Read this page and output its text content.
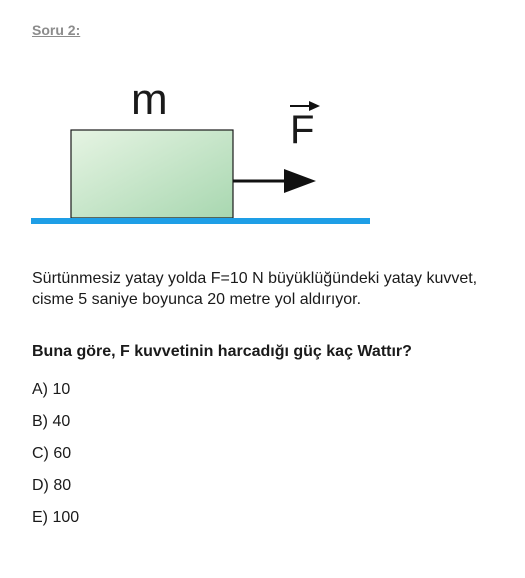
Soru 2:
m
F
Sürtünmesiz yatay yolda F=10 N büyüklüğündeki yatay kuvvet, cisme 5 saniye boyunca 20 metre yol aldırıyor.
Buna göre, F kuvvetinin harcadığı güç kaç Wattır?
A) 10
B) 40
C) 60
D) 80
E) 100
